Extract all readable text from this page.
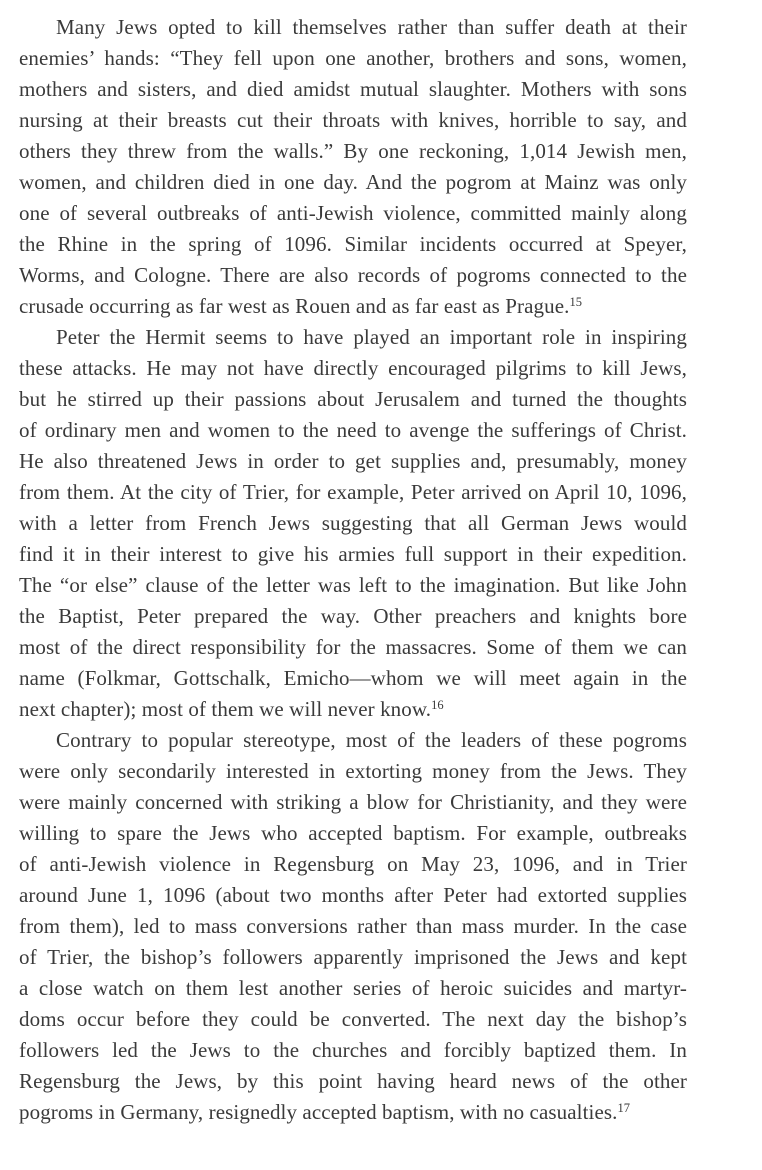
Many Jews opted to kill themselves rather than suffer death at their
enemies’ hands: “They fell upon one another, brothers and sons, women,
mothers and sisters, and died amidst mutual slaughter. Mothers with sons
nursing at their breasts cut their throats with knives, horrible to say, and
others they threw from the walls.” By one reckoning, 1,014 Jewish men,
women, and children died in one day. And the pogrom at Mainz was only
one of several outbreaks of anti-Jewish violence, committed mainly along
the Rhine in the spring of 1096. Similar incidents occurred at Speyer,
Worms, and Cologne. There are also records of pogroms connected to the
crusade occurring as far west as Rouen and as far east as Prague.$^{15}$
Peter the Hermit seems to have played an important role in inspiring
these attacks. He may not have directly encouraged pilgrims to kill Jews,
but he stirred up their passions about Jerusalem and turned the thoughts
of ordinary men and women to the need to avenge the sufferings of Christ.
He also threatened Jews in order to get supplies and, presumably, money
from them. At the city of Trier, for example, Peter arrived on April 10, 1096,
with a letter from French Jews suggesting that all German Jews would
find it in their interest to give his armies full support in their expedition.
The “or else” clause of the letter was left to the imagination. But like John
the Baptist, Peter prepared the way. Other preachers and knights bore
most of the direct responsibility for the massacres. Some of them we can
name (Folkmar, Gottschalk, Emicho—whom we will meet again in the
next chapter); most of them we will never know.$^{16}$
Contrary to popular stereotype, most of the leaders of these pogroms
were only secondarily interested in extorting money from the Jews. They
were mainly concerned with striking a blow for Christianity, and they were
willing to spare the Jews who accepted baptism. For example, outbreaks
of anti-Jewish violence in Regensburg on May 23, 1096, and in Trier
around June 1, 1096 (about two months after Peter had extorted supplies
from them), led to mass conversions rather than mass murder. In the case
of Trier, the bishop’s followers apparently imprisoned the Jews and kept
a close watch on them lest another series of heroic suicides and martyr-
doms occur before they could be converted. The next day the bishop’s
followers led the Jews to the churches and forcibly baptized them. In
Regensburg the Jews, by this point having heard news of the other
pogroms in Germany, resignedly accepted baptism, with no casualties.$^{17}$
